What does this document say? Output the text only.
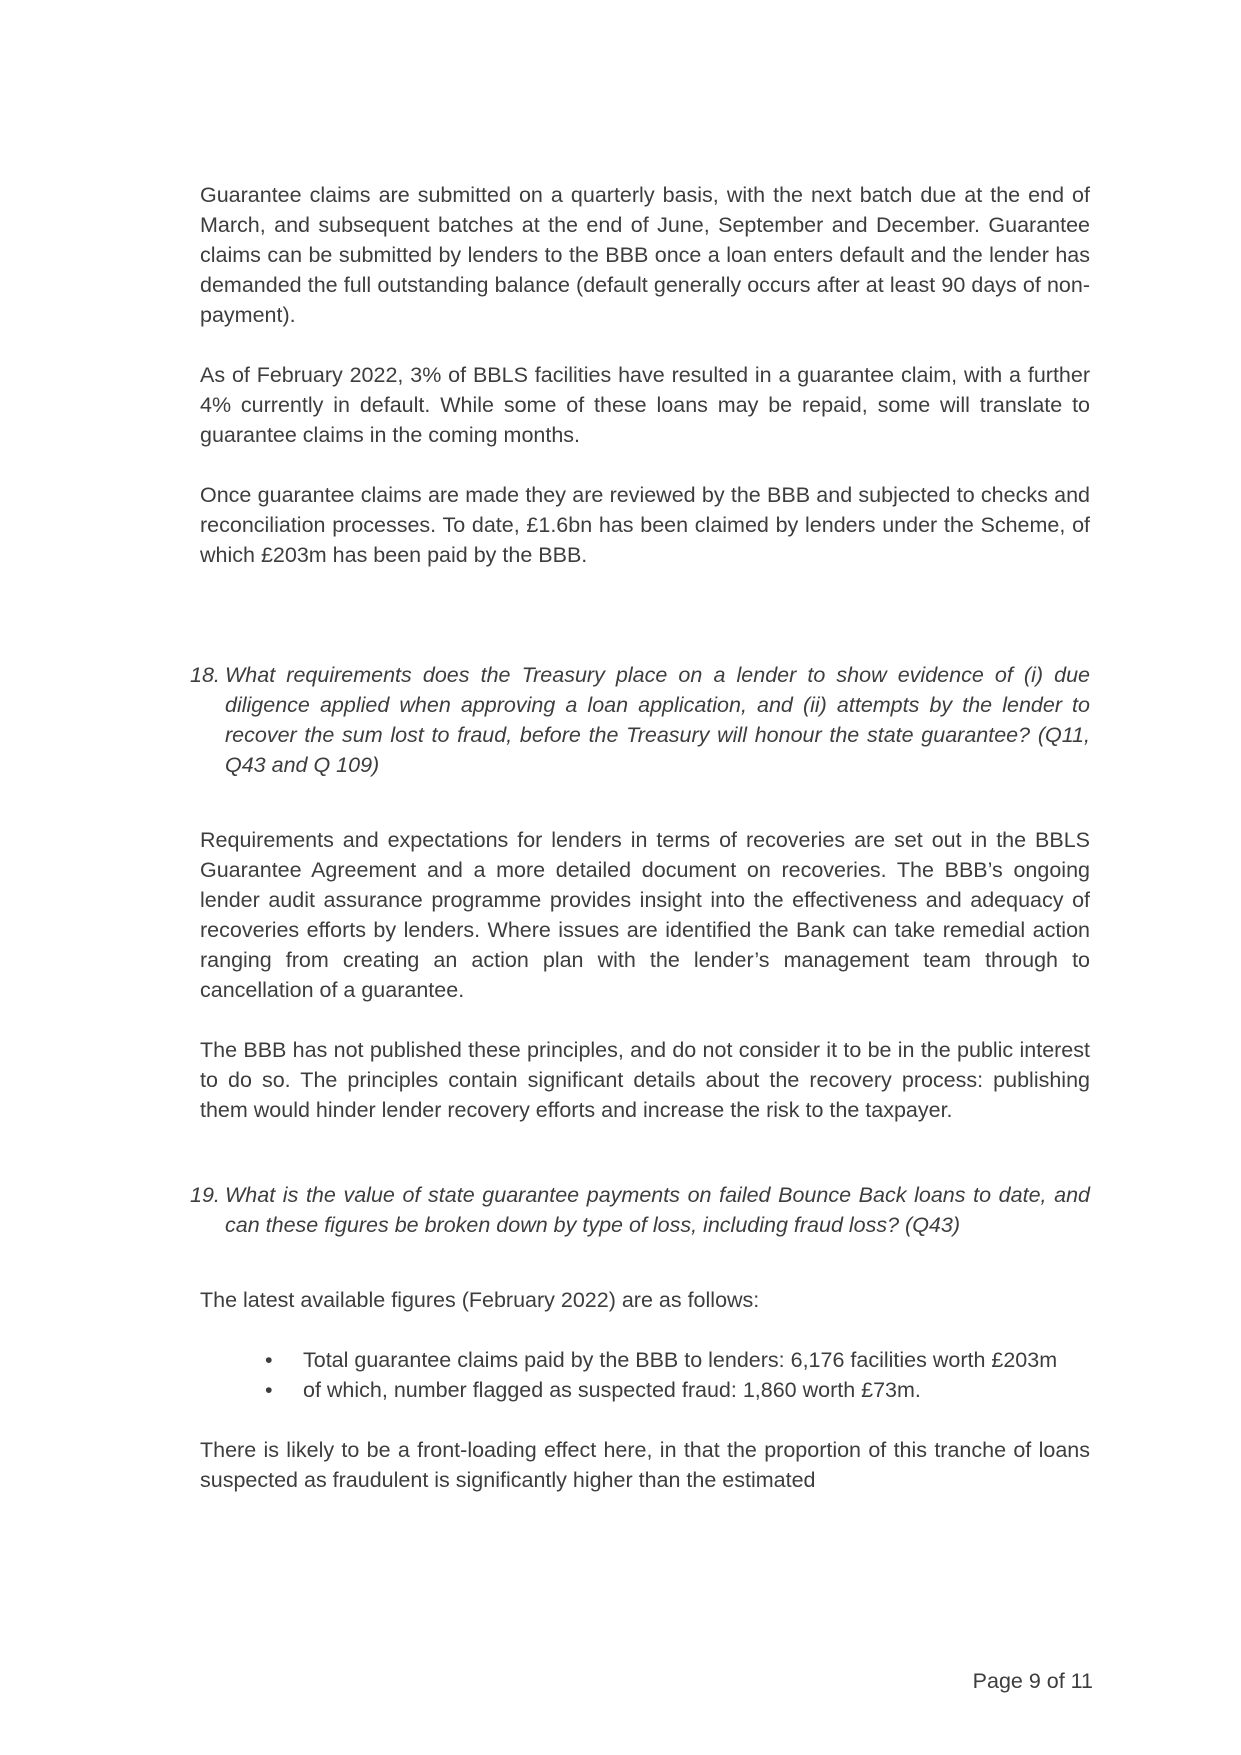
Guarantee claims are submitted on a quarterly basis, with the next batch due at the end of March, and subsequent batches at the end of June, September and December. Guarantee claims can be submitted by lenders to the BBB once a loan enters default and the lender has demanded the full outstanding balance (default generally occurs after at least 90 days of non-payment).

As of February 2022, 3% of BBLS facilities have resulted in a guarantee claim, with a further 4% currently in default. While some of these loans may be repaid, some will translate to guarantee claims in the coming months.

Once guarantee claims are made they are reviewed by the BBB and subjected to checks and reconciliation processes. To date, £1.6bn has been claimed by lenders under the Scheme, of which £203m has been paid by the BBB.

18. What requirements does the Treasury place on a lender to show evidence of (i) due diligence applied when approving a loan application, and (ii) attempts by the lender to recover the sum lost to fraud, before the Treasury will honour the state guarantee? (Q11, Q43 and Q 109)

Requirements and expectations for lenders in terms of recoveries are set out in the BBLS Guarantee Agreement and a more detailed document on recoveries. The BBB’s ongoing lender audit assurance programme provides insight into the effectiveness and adequacy of recoveries efforts by lenders. Where issues are identified the Bank can take remedial action ranging from creating an action plan with the lender’s management team through to cancellation of a guarantee.

The BBB has not published these principles, and do not consider it to be in the public interest to do so. The principles contain significant details about the recovery process: publishing them would hinder lender recovery efforts and increase the risk to the taxpayer.

19. What is the value of state guarantee payments on failed Bounce Back loans to date, and can these figures be broken down by type of loss, including fraud loss? (Q43)

The latest available figures (February 2022) are as follows:

• Total guarantee claims paid by the BBB to lenders: 6,176 facilities worth £203m
• of which, number flagged as suspected fraud: 1,860 worth £73m.

There is likely to be a front-loading effect here, in that the proportion of this tranche of loans suspected as fraudulent is significantly higher than the estimated

Page 9 of 11
